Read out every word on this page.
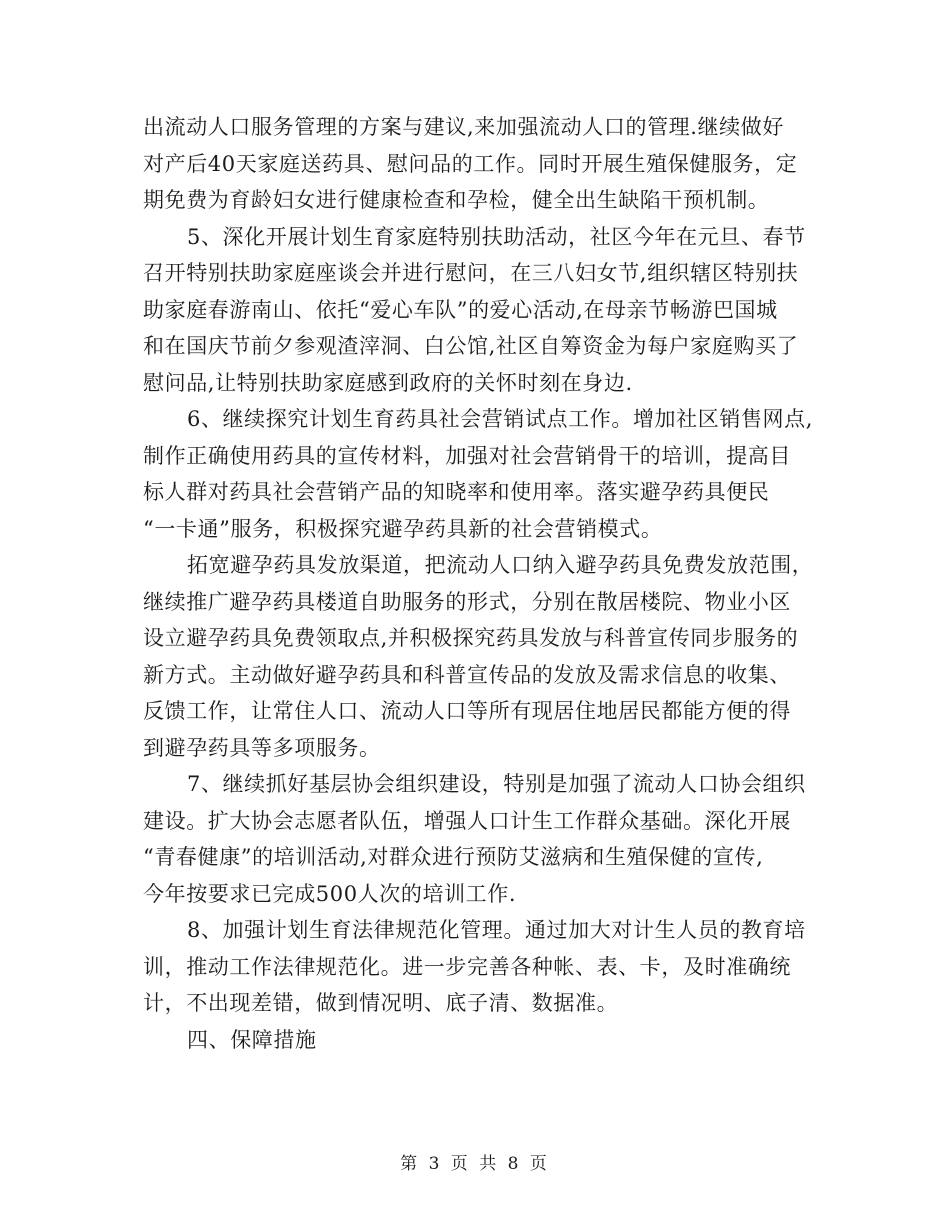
出流动人口服务管理的方案与建议,来加强流动人口的管理.继续做好
对产后40天家庭送药具、慰问品的工作。同时开展生殖保健服务，定
期免费为育龄妇女进行健康检查和孕检，健全出生缺陷干预机制。
5、深化开展计划生育家庭特别扶助活动，社区今年在元旦、春节
召开特别扶助家庭座谈会并进行慰问，在三八妇女节,组织辖区特别扶
助家庭春游南山、依托“爱心车队”的爱心活动,在母亲节畅游巴国城
和在国庆节前夕参观渣滓洞、白公馆,社区自筹资金为每户家庭购买了
慰问品,让特别扶助家庭感到政府的关怀时刻在身边.
6、继续探究计划生育药具社会营销试点工作。增加社区销售网点,
制作正确使用药具的宣传材料，加强对社会营销骨干的培训，提高目
标人群对药具社会营销产品的知晓率和使用率。落实避孕药具便民
“一卡通”服务，积极探究避孕药具新的社会营销模式。
拓宽避孕药具发放渠道，把流动人口纳入避孕药具免费发放范围，
继续推广避孕药具楼道自助服务的形式，分别在散居楼院、物业小区
设立避孕药具免费领取点,并积极探究药具发放与科普宣传同步服务的
新方式。主动做好避孕药具和科普宣传品的发放及需求信息的收集、
反馈工作，让常住人口、流动人口等所有现居住地居民都能方便的得
到避孕药具等多项服务。
7、继续抓好基层协会组织建设，特别是加强了流动人口协会组织
建设。扩大协会志愿者队伍，增强人口计生工作群众基础。深化开展
“青春健康”的培训活动,对群众进行预防艾滋病和生殖保健的宣传,
今年按要求已完成500人次的培训工作.
8、加强计划生育法律规范化管理。通过加大对计生人员的教育培
训，推动工作法律规范化。进一步完善各种帐、表、卡，及时准确统
计，不出现差错，做到情况明、底子清、数据准。
四、保障措施
第 3 页 共 8 页
